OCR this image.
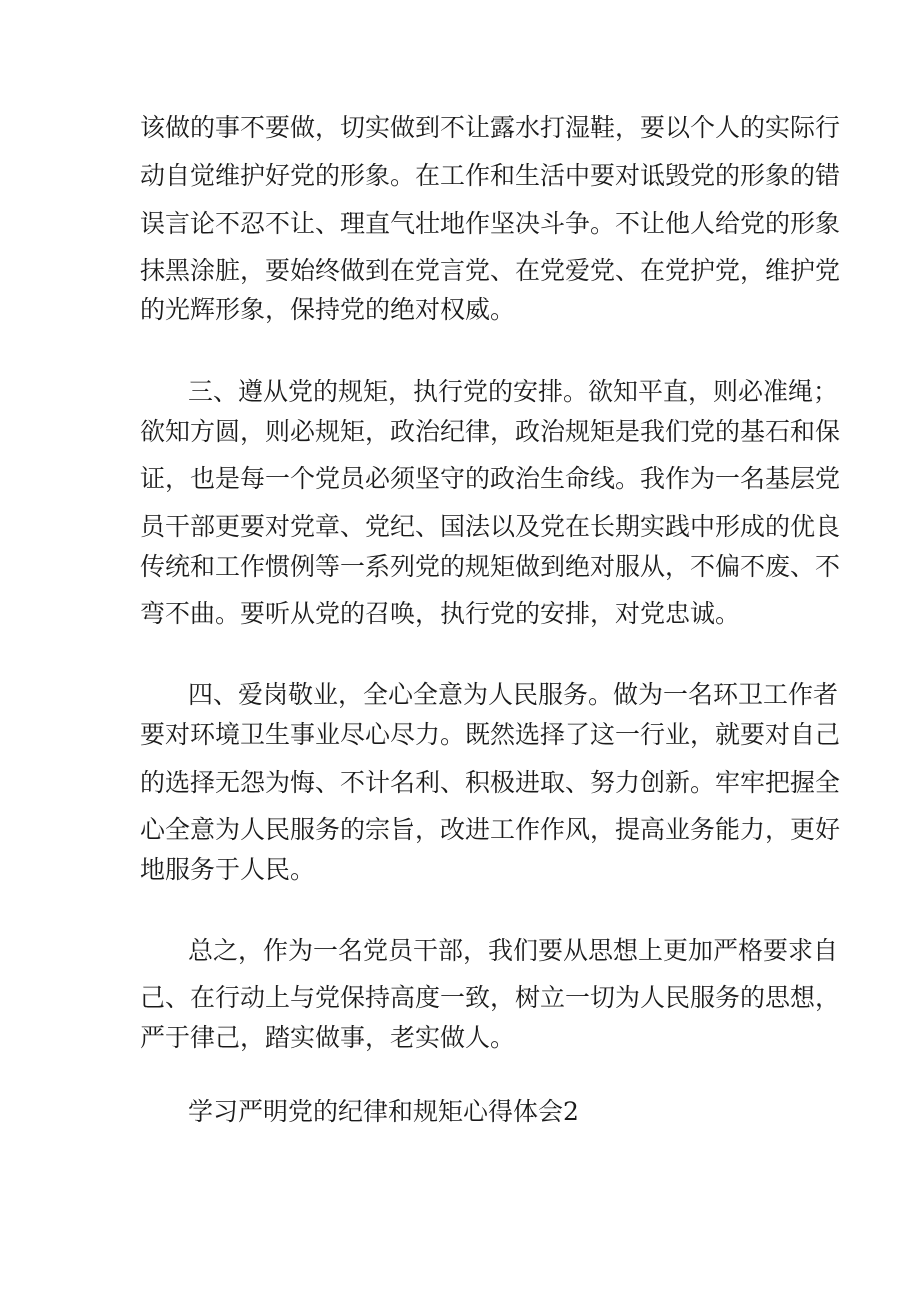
该做的事不要做，切实做到不让露水打湿鞋，要以个人的实际行

动自觉维护好党的形象。在工作和生活中要对诋毁党的形象的错

误言论不忍不让、理直气壮地作坚决斗争。不让他人给党的形象

抹黑涂脏，要始终做到在党言党、在党爱党、在党护党，维护党

的光辉形象，保持党的绝对权威。

三、遵从党的规矩，执行党的安排。欲知平直，则必准绳；

欲知方圆，则必规矩，政治纪律，政治规矩是我们党的基石和保

证，也是每一个党员必须坚守的政治生命线。我作为一名基层党

员干部更要对党章、党纪、国法以及党在长期实践中形成的优良

传统和工作惯例等一系列党的规矩做到绝对服从，不偏不废、不

弯不曲。要听从党的召唤，执行党的安排，对党忠诚。

四、爱岗敬业，全心全意为人民服务。做为一名环卫工作者

要对环境卫生事业尽心尽力。既然选择了这一行业，就要对自己

的选择无怨为悔、不计名利、积极进取、努力创新。牢牢把握全

心全意为人民服务的宗旨，改进工作作风，提高业务能力，更好

地服务于人民。

总之，作为一名党员干部，我们要从思想上更加严格要求自

己、在行动上与党保持高度一致，树立一切为人民服务的思想，

严于律己，踏实做事，老实做人。

学习严明党的纪律和规矩心得体会2
